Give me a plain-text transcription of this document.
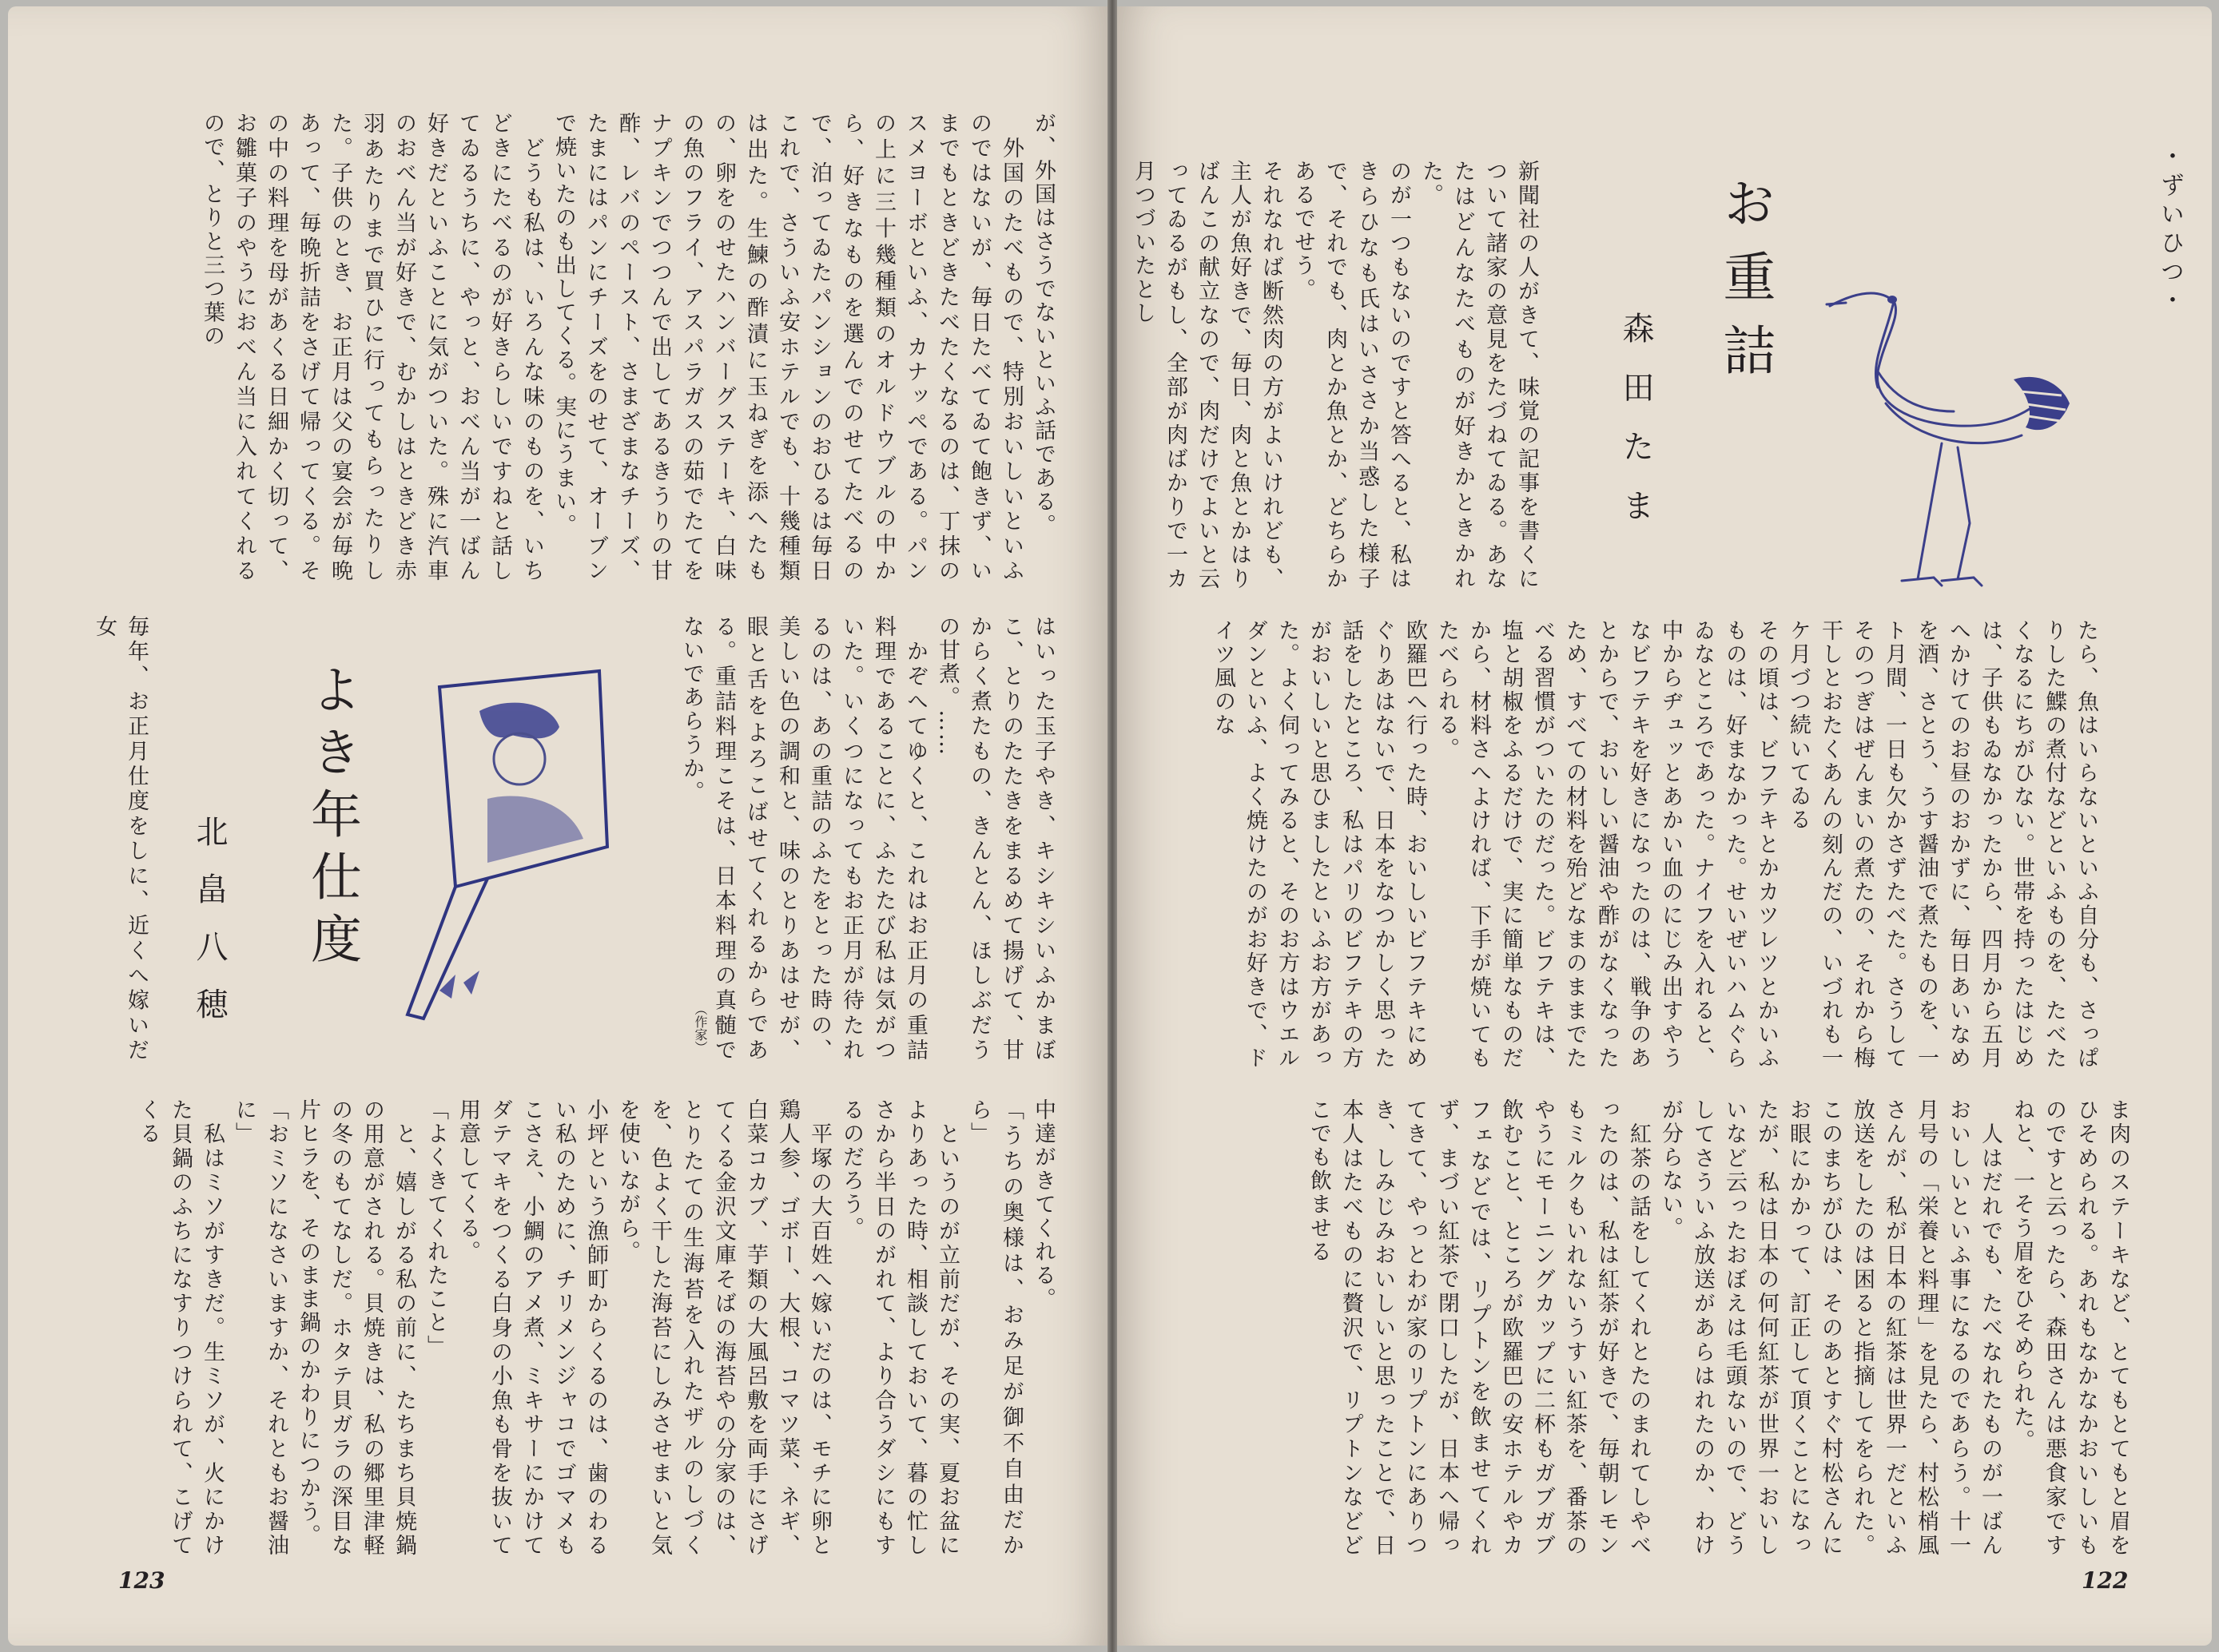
・ずいひつ・
お重詰
森田たま

新聞社の人がきて、味覚の記事を書くについて諸家の意見をたづねてゐる。あなたはどんなたべものが好きかときかれた。

のが一つもないのですと答へると、私はきらひなも氏はいささか当惑した様子で、それでも、肉とか魚とか、どちらかあるでせう。

それなれば断然肉の方がよいけれども、主人が魚好きで、毎日、肉と魚とかはりばんこの献立なので、肉だけでよいと云ってゐるがもし、全部が肉ばかりで一カ月つづいたとし

たら、魚はいらないといふ自分も、さっぱりした鰈の煮付などといふものを、たべたくなるにちがひない。世帯を持ったはじめは、子供もゐなかったから、四月から五月へかけてのお昼のおかずに、毎日あいなめを酒、さとう、うす醤油で煮たものを、一ト月間、一日も欠かさずたべた。さうしてそのつぎはぜんまいの煮たの、それから梅干しとおたくあんの刻んだの、いづれも一ケ月づつ続いてゐる

その頃は、ビフテキとかカツレツとかいふものは、好まなかった。せいぜいハムぐらゐなところであった。ナイフを入れると、中からヂュッとあかい血のにじみ出すやうなビフテキを好きになったのは、戦争のあとからで、おいしい醤油や酢がなくなったため、すべての材料を殆どなまのままでたべる習慣がついたのだった。ビフテキは、塩と胡椒をふるだけで、実に簡単なものだから、材料さへよければ、下手が焼いてもたべられる。

欧羅巴へ行った時、おいしいビフテキにめぐりあはないで、日本をなつかしく思った話をしたところ、私はパリのビフテキの方がおいしいと思ひましたといふお方があった。よく伺ってみると、そのお方はウエルダンといふ、よく焼けたのがお好きで、ドイツ風のな

ま肉のステーキなど、とてもとてもと眉をひそめられる。あれもなかなかおいしいものですと云ったら、森田さんは悪食家ですねと、一そう眉をひそめられた。
　人はだれでも、たべなれたものが一ばんおいしいといふ事になるのであらう。十一月号の「栄養と料理」を見たら、村松梢風さんが、私が日本の紅茶は世界一だといふ放送をしたのは困ると指摘してをられた。このまちがひは、そのあとすぐ村松さんにお眼にかかって、訂正して頂くことになったが、私は日本の何何紅茶が世界一おいしいなど云ったおぼえは毛頭ないので、どうしてさういふ放送があらはれたのか、わけが分らない。
　紅茶の話をしてくれとたのまれてしやべったのは、私は紅茶が好きで、毎朝レモンもミルクもいれないうすい紅茶を、番茶のやうにモーニングカップに二杯もガブガブ飲むこと、ところが欧羅巴の安ホテルやカフェなどでは、リプトンを飲ませてくれず、まづい紅茶で閉口したが、日本へ帰ってきて、やっとわが家のリプトンにありつき、しみじみおいしいと思ったことで、日本人はたべものに贅沢で、リプトンなどどこでも飲ませる
122
が、外国はさうでないといふ話である。
　外国のたべもので、特別おいしいといふのではないが、毎日たべてゐて飽きず、いまでもときどきたべたくなるのは、丁抹のスメヨーボといふ、カナッペである。パンの上に三十幾種類のオルドウブルの中から、好きなものを選んでのせてたべるので、泊ってゐたパンションのおひるは毎日これで、さういふ安ホテルでも、十幾種類は出た。生鰊の酢漬に玉ねぎを添へたもの、卵をのせたハンバーグステーキ、白味の魚のフライ、アスパラガスの茹でたてをナプキンでつつんで出してあるきうりの甘酢、レバのペースト、さまざまなチーズ、たまにはパンにチーズをのせて、オーブンで焼いたのも出してくる。実にうまい。
　どうも私は、いろんな味のものを、いちどきにたべるのが好きらしいですねと話してゐるうちに、やっと、おべん当が一ばん好きだといふことに気がついた。殊に汽車のおべん当が好きで、むかしはときどき赤羽あたりまで買ひに行ってもらったりした。子供のとき、お正月は父の宴会が毎晩あって、毎晩折詰をさげて帰ってくる。その中の料理を母があくる日細かく切って、お雛菓子のやうにおべん当に入れてくれるので、とりと三つ葉の
はいった玉子やき、キシキシいふかまぼこ、とりのたたきをまるめて揚げて、甘からく煮たもの、きんとん、ほしぶだうの甘煮。……
　かぞへてゆくと、これはお正月の重詰料理であることに、ふたたび私は気がついた。いくつになってもお正月が待たれるのは、あの重詰のふたをとった時の、美しい色の調和と、味のとりあはせが、眼と舌をよろこばせてくれるからである。重詰料理こそは、日本料理の真髄でないであらうか。
（作家）
よき年仕度
北畠八穂
毎年、お正月仕度をしに、近くへ嫁いだ女
中達がきてくれる。
「うちの奥様は、おみ足が御不自由だから」
　というのが立前だが、その実、夏お盆によりあった時、相談しておいて、暮の忙しさから半日のがれて、より合うダシにもするのだろう。
　平塚の大百姓へ嫁いだのは、モチに卵と鶏人参、ゴボー、大根、コマツ菜、ネギ、白菜コカブ、芋類の大風呂敷を両手にさげてくる金沢文庫そばの海苔やの分家のは、とりたての生海苔を入れたザルのしづくを、色よく干した海苔にしみさせまいと気を使いながら。
小坪という漁師町からくるのは、歯のわるい私のために、チリメンジャコでゴマメもこさえ、小鯛のアメ煮、ミキサーにかけてダテマキをつくる白身の小魚も骨を抜いて用意してくる。
「よくきてくれたこと」
　と、嬉しがる私の前に、たちまち貝焼鍋の用意がされる。貝焼きは、私の郷里津軽の冬のもてなしだ。ホタテ貝ガラの深目な片ヒラを、そのまま鍋のかわりにつかう。
「おミソになさいますか、それともお醤油に」
　私はミソがすきだ。生ミソが、火にかけた貝鍋のふちになすりつけられて、こげてくる
123
